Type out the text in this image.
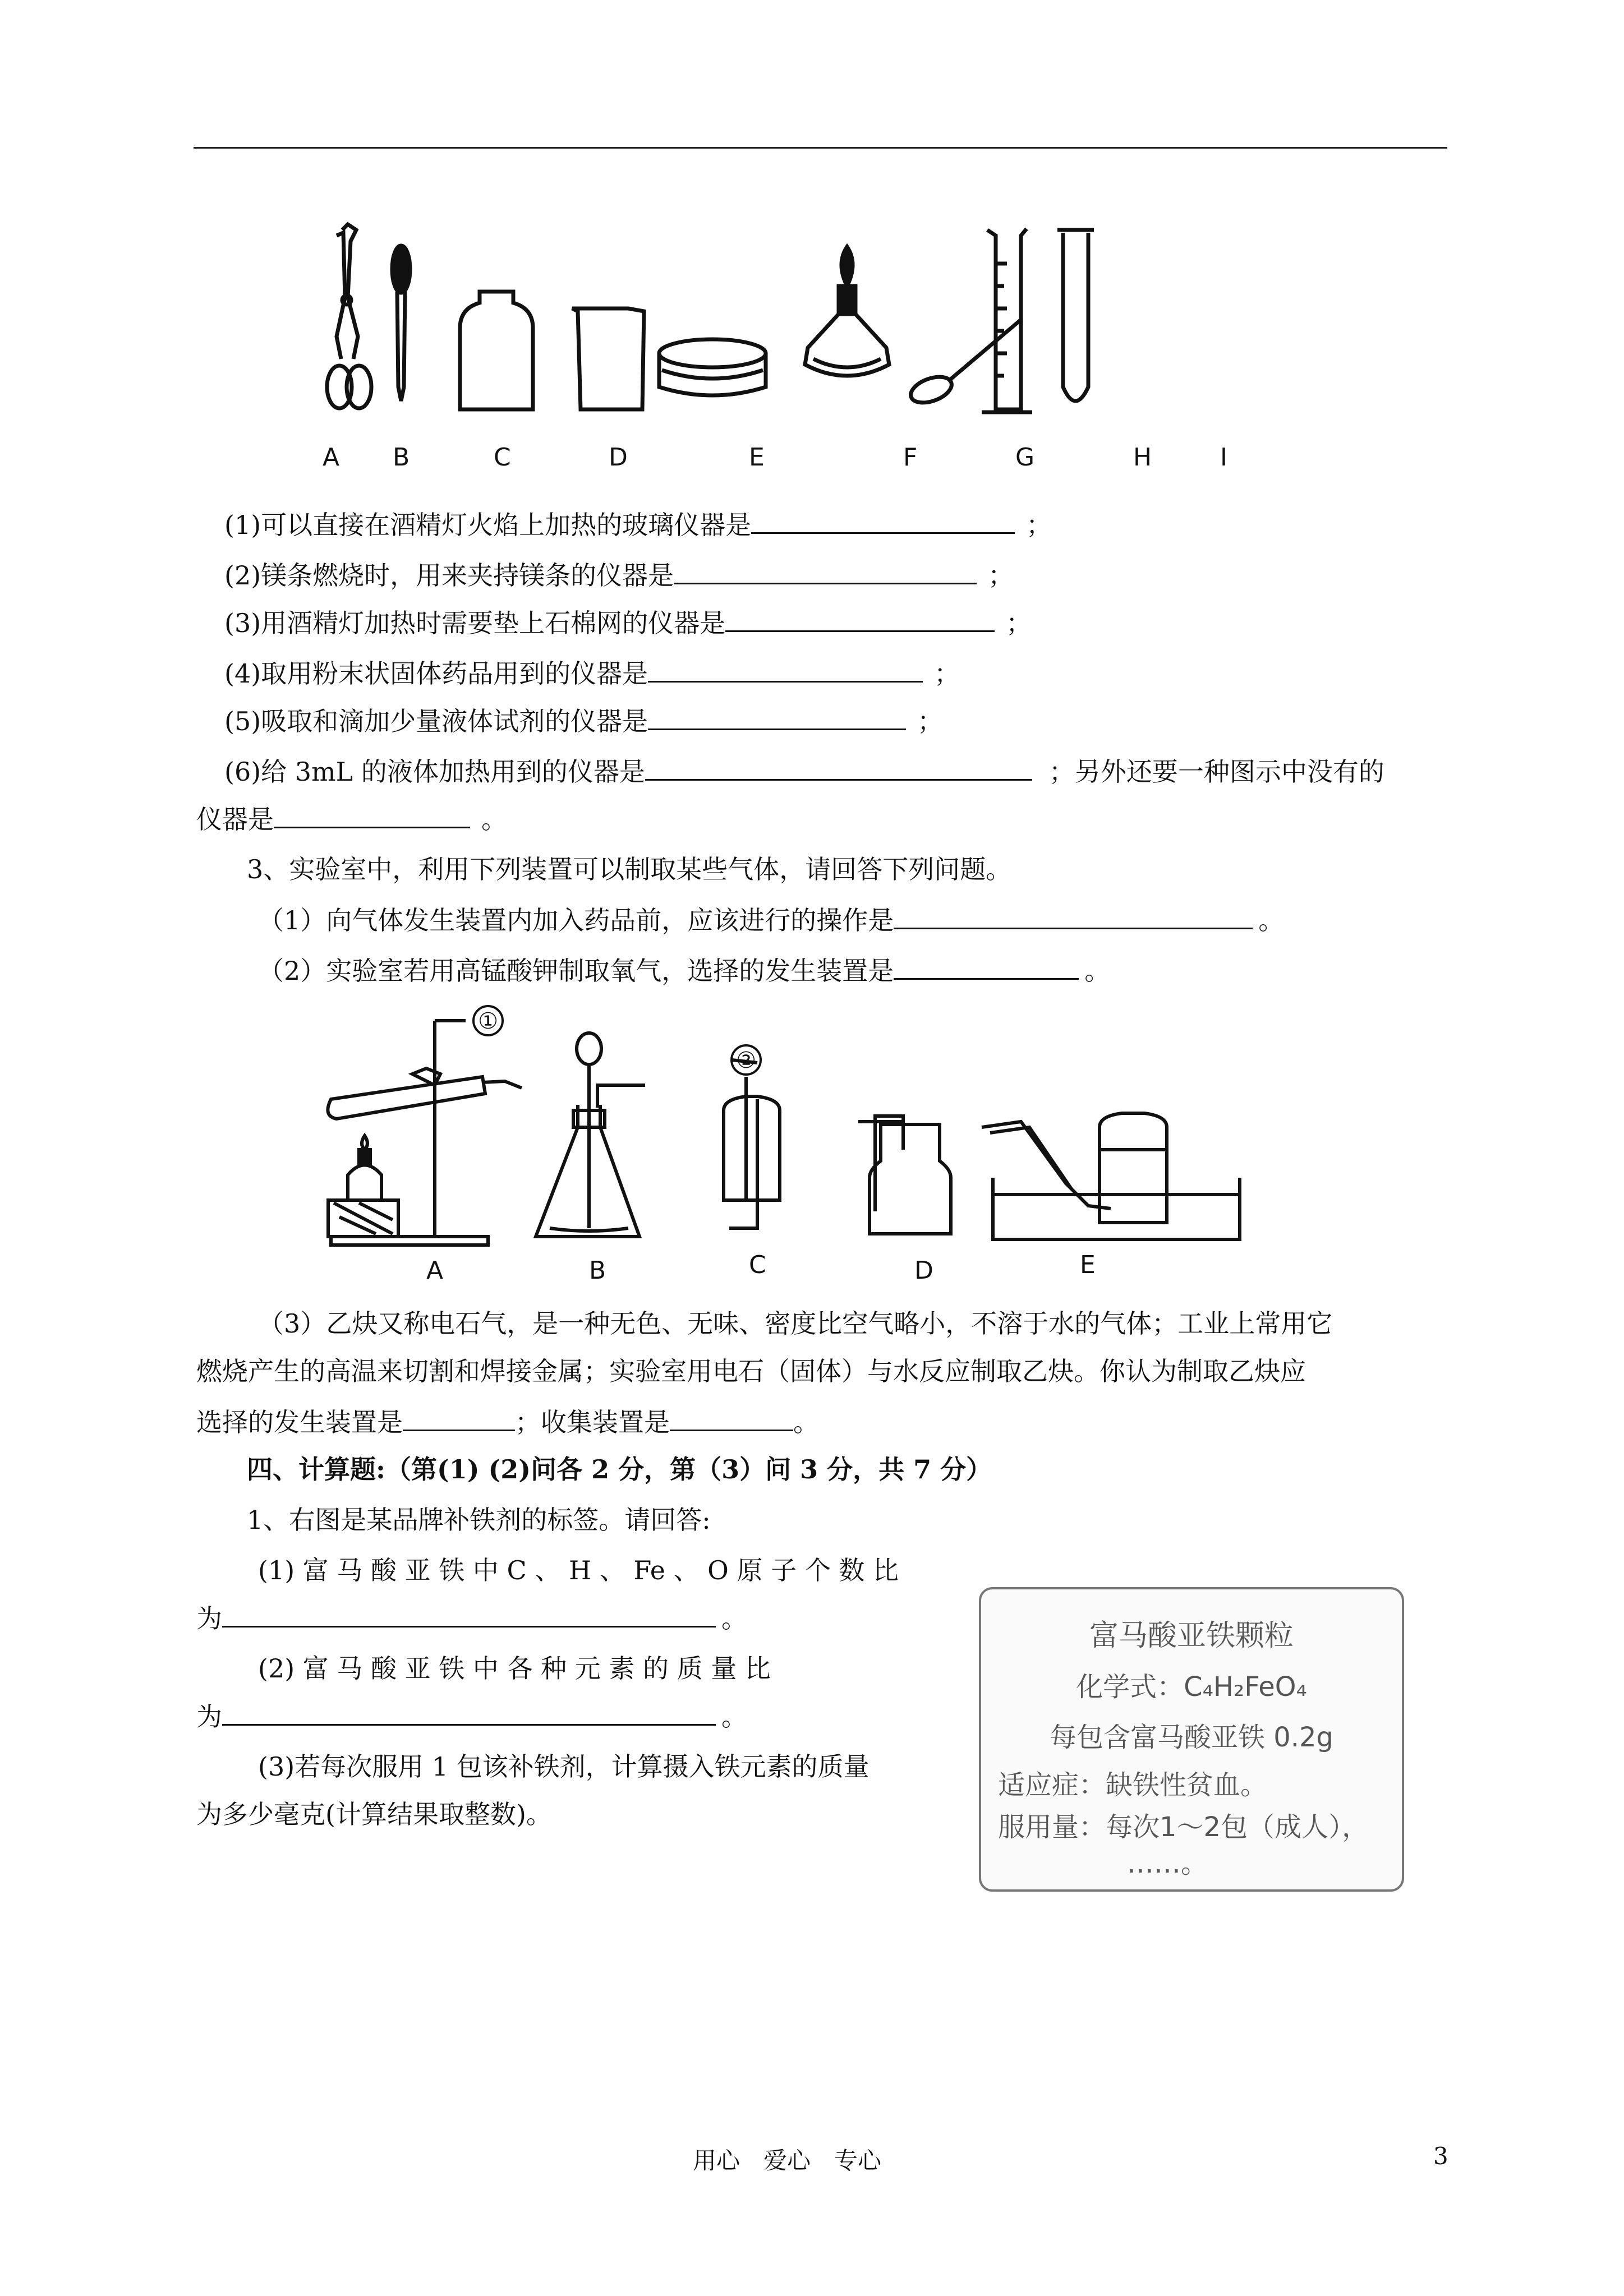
A B	C	D	E	F	G	H	I
(1)可以直接在酒精灯火焰上加热的玻璃仪器是	；
(2)镁条燃烧时，用来夹持镁条的仪器是	；
(3)用酒精灯加热时需要垫上石棉网的仪器是	；
(4)取用粉末状固体药品用到的仪器是	；
(5)吸取和滴加少量液体试剂的仪器是	；
(6)给 3mL 的液体加热用到的仪器是	；另外还要一种图示中没有的
仪器是	。
3、实验室中，利用下列装置可以制取某些气体，请回答下列问题。
（1）向气体发生装置内加入药品前，应该进行的操作是	。
（2）实验室若用高锰酸钾制取氧气，选择的发生装置是	。
①
②
A	B	C	D	E
（3）乙炔又称电石气，是一种无色、无味、密度比空气略小，不溶于水的气体；工业上常用它
燃烧产生的高温来切割和焊接金属；实验室用电石（固体）与水反应制取乙炔。你认为制取乙炔应
选择的发生装置是	；收集装置是	。
四、计算题:（第(1) (2)问各 2 分，第（3）问 3 分，共 7 分）
1、右图是某品牌补铁剂的标签。请回答:
(1) 富 马 酸 亚 铁 中 C 、 H 、 Fe 、 O 原 子 个 数 比
为	。
(2) 富 马 酸 亚 铁 中 各 种 元 素 的 质 量 比
为	。
(3)若每次服用 1 包该补铁剂，计算摄入铁元素的质量
为多少毫克(计算结果取整数)。
富马酸亚铁颗粒
化学式：C₄H₂FeO₄
每包含富马酸亚铁 0.2g
适应症：缺铁性贫血。
服用量：每次1～2包（成人），
……。
用心　爱心　专心	3
